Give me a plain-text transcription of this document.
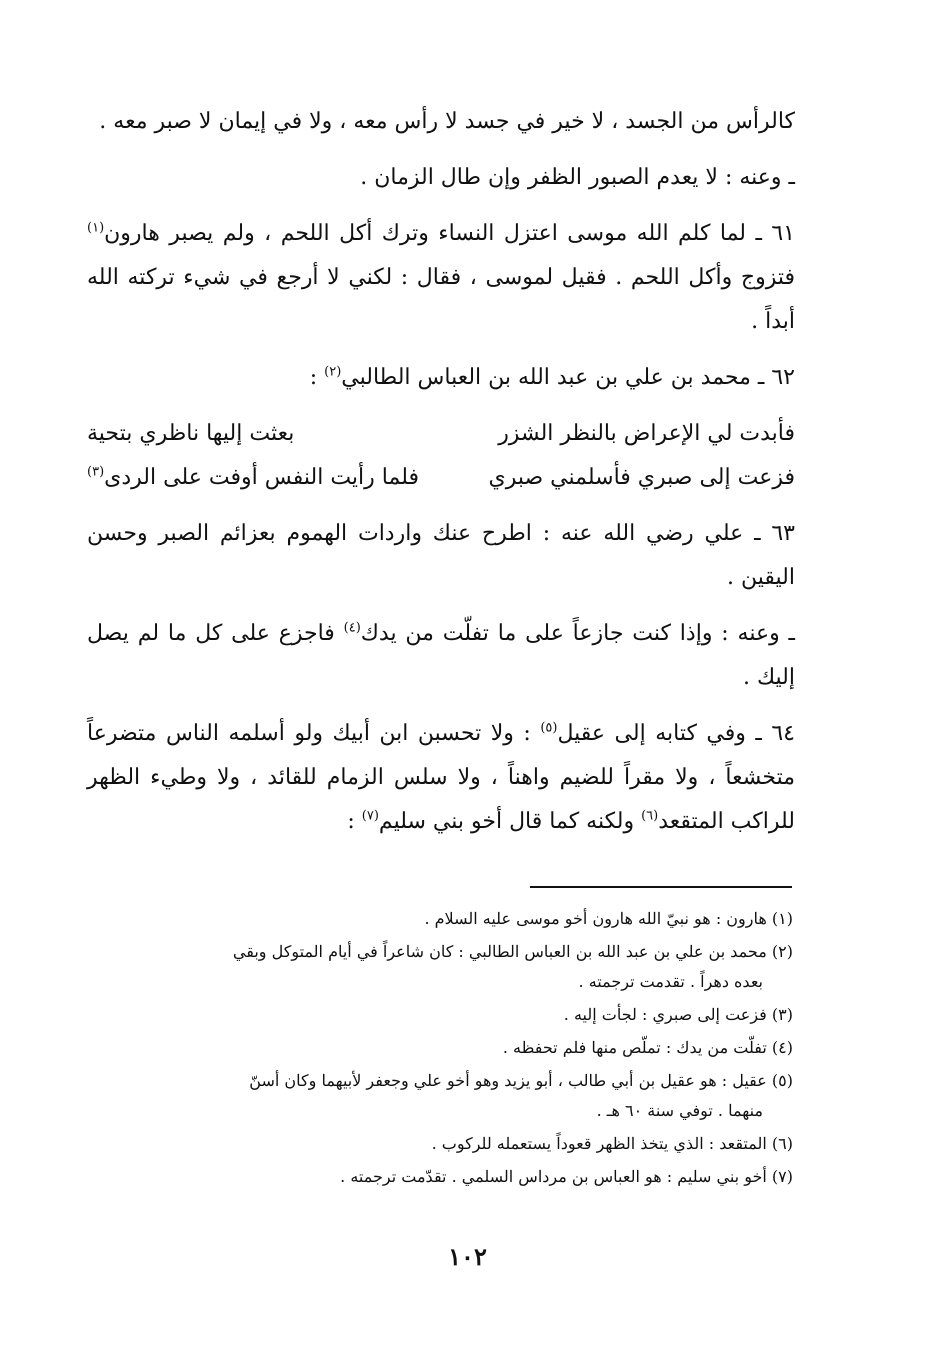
كالرأس من الجسد ، لا خير في جسد لا رأس معه ، ولا في إيمان لا صبر معه .

ـ وعنه : لا يعدم الصبور الظفر وإن طال الزمان .

٦١ ـ لما كلم الله موسى اعتزل النساء وترك أكل اللحم ، ولم يصبر هارون$^{(١)}$ فتزوج وأكل اللحم . فقيل لموسى ، فقال : لكني لا أرجع في شيء تركته الله أبداً .

٦٢ ـ محمد بن علي بن عبد الله بن العباس الطالبي$^{(٢)}$ :

فأبدت لي الإعراض بالنظر الشزر
بعثت إليها ناظري بتحية
فزعت إلى صبري فأسلمني صبري
فلما رأيت النفس أوفت على الردى$^{(٣)}$

٦٣ ـ علي رضي الله عنه : اطرح عنك واردات الهموم بعزائم الصبر وحسن اليقين .

ـ وعنه : وإذا كنت جازعاً على ما تفلّت من يدك$^{(٤)}$ فاجزع على كل ما لم يصل إليك .

٦٤ ـ وفي كتابه إلى عقيل$^{(٥)}$ : ولا تحسبن ابن أبيك ولو أسلمه الناس متضرعاً متخشعاً ، ولا مقراً للضيم واهناً ، ولا سلس الزمام للقائد ، ولا وطيء الظهر للراكب المتقعد$^{(٦)}$ ولكنه كما قال أخو بني سليم$^{(٧)}$ :

(١) هارون : هو نبيّ الله هارون أخو موسى عليه السلام .

(٢) محمد بن علي بن عبد الله بن العباس الطالبي : كان شاعراً في أيام المتوكل وبقي
بعده دهراً . تقدمت ترجمته .

(٣) فزعت إلى صبري : لجأت إليه .

(٤) تفلّت من يدك : تملّص منها فلم تحفظه .

(٥) عقيل : هو عقيل بن أبي طالب ، أبو يزيد وهو أخو علي وجعفر لأبيهما وكان أسنّ
منهما . توفي سنة ٦٠ هـ .

(٦) المتقعد : الذي يتخذ الظهر قعوداً يستعمله للركوب .

(٧) أخو بني سليم : هو العباس بن مرداس السلمي . تقدّمت ترجمته .

١٠٢
